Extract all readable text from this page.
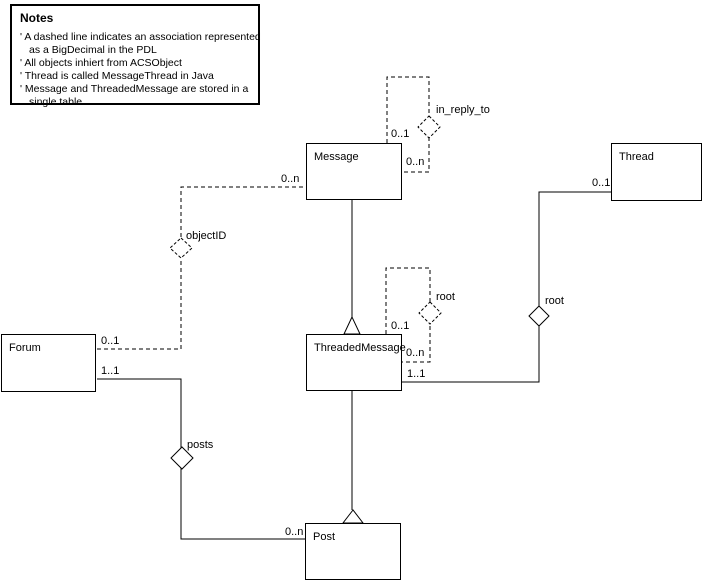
Notes
' A dashed line indicates an association represented as a BigDecimal in the PDL
' All objects inhiert from ACSObject
' Thread is called MessageThread in Java
' Message and ThreadedMessage are stored in a single table
Message	Thread
ThreadedMessage
Forum
Post
in_reply_to
objectID
root	root
posts
0..1
0..n
0..n
0..1
0..1
0..1
0..n
1..1
1..1
0..n
